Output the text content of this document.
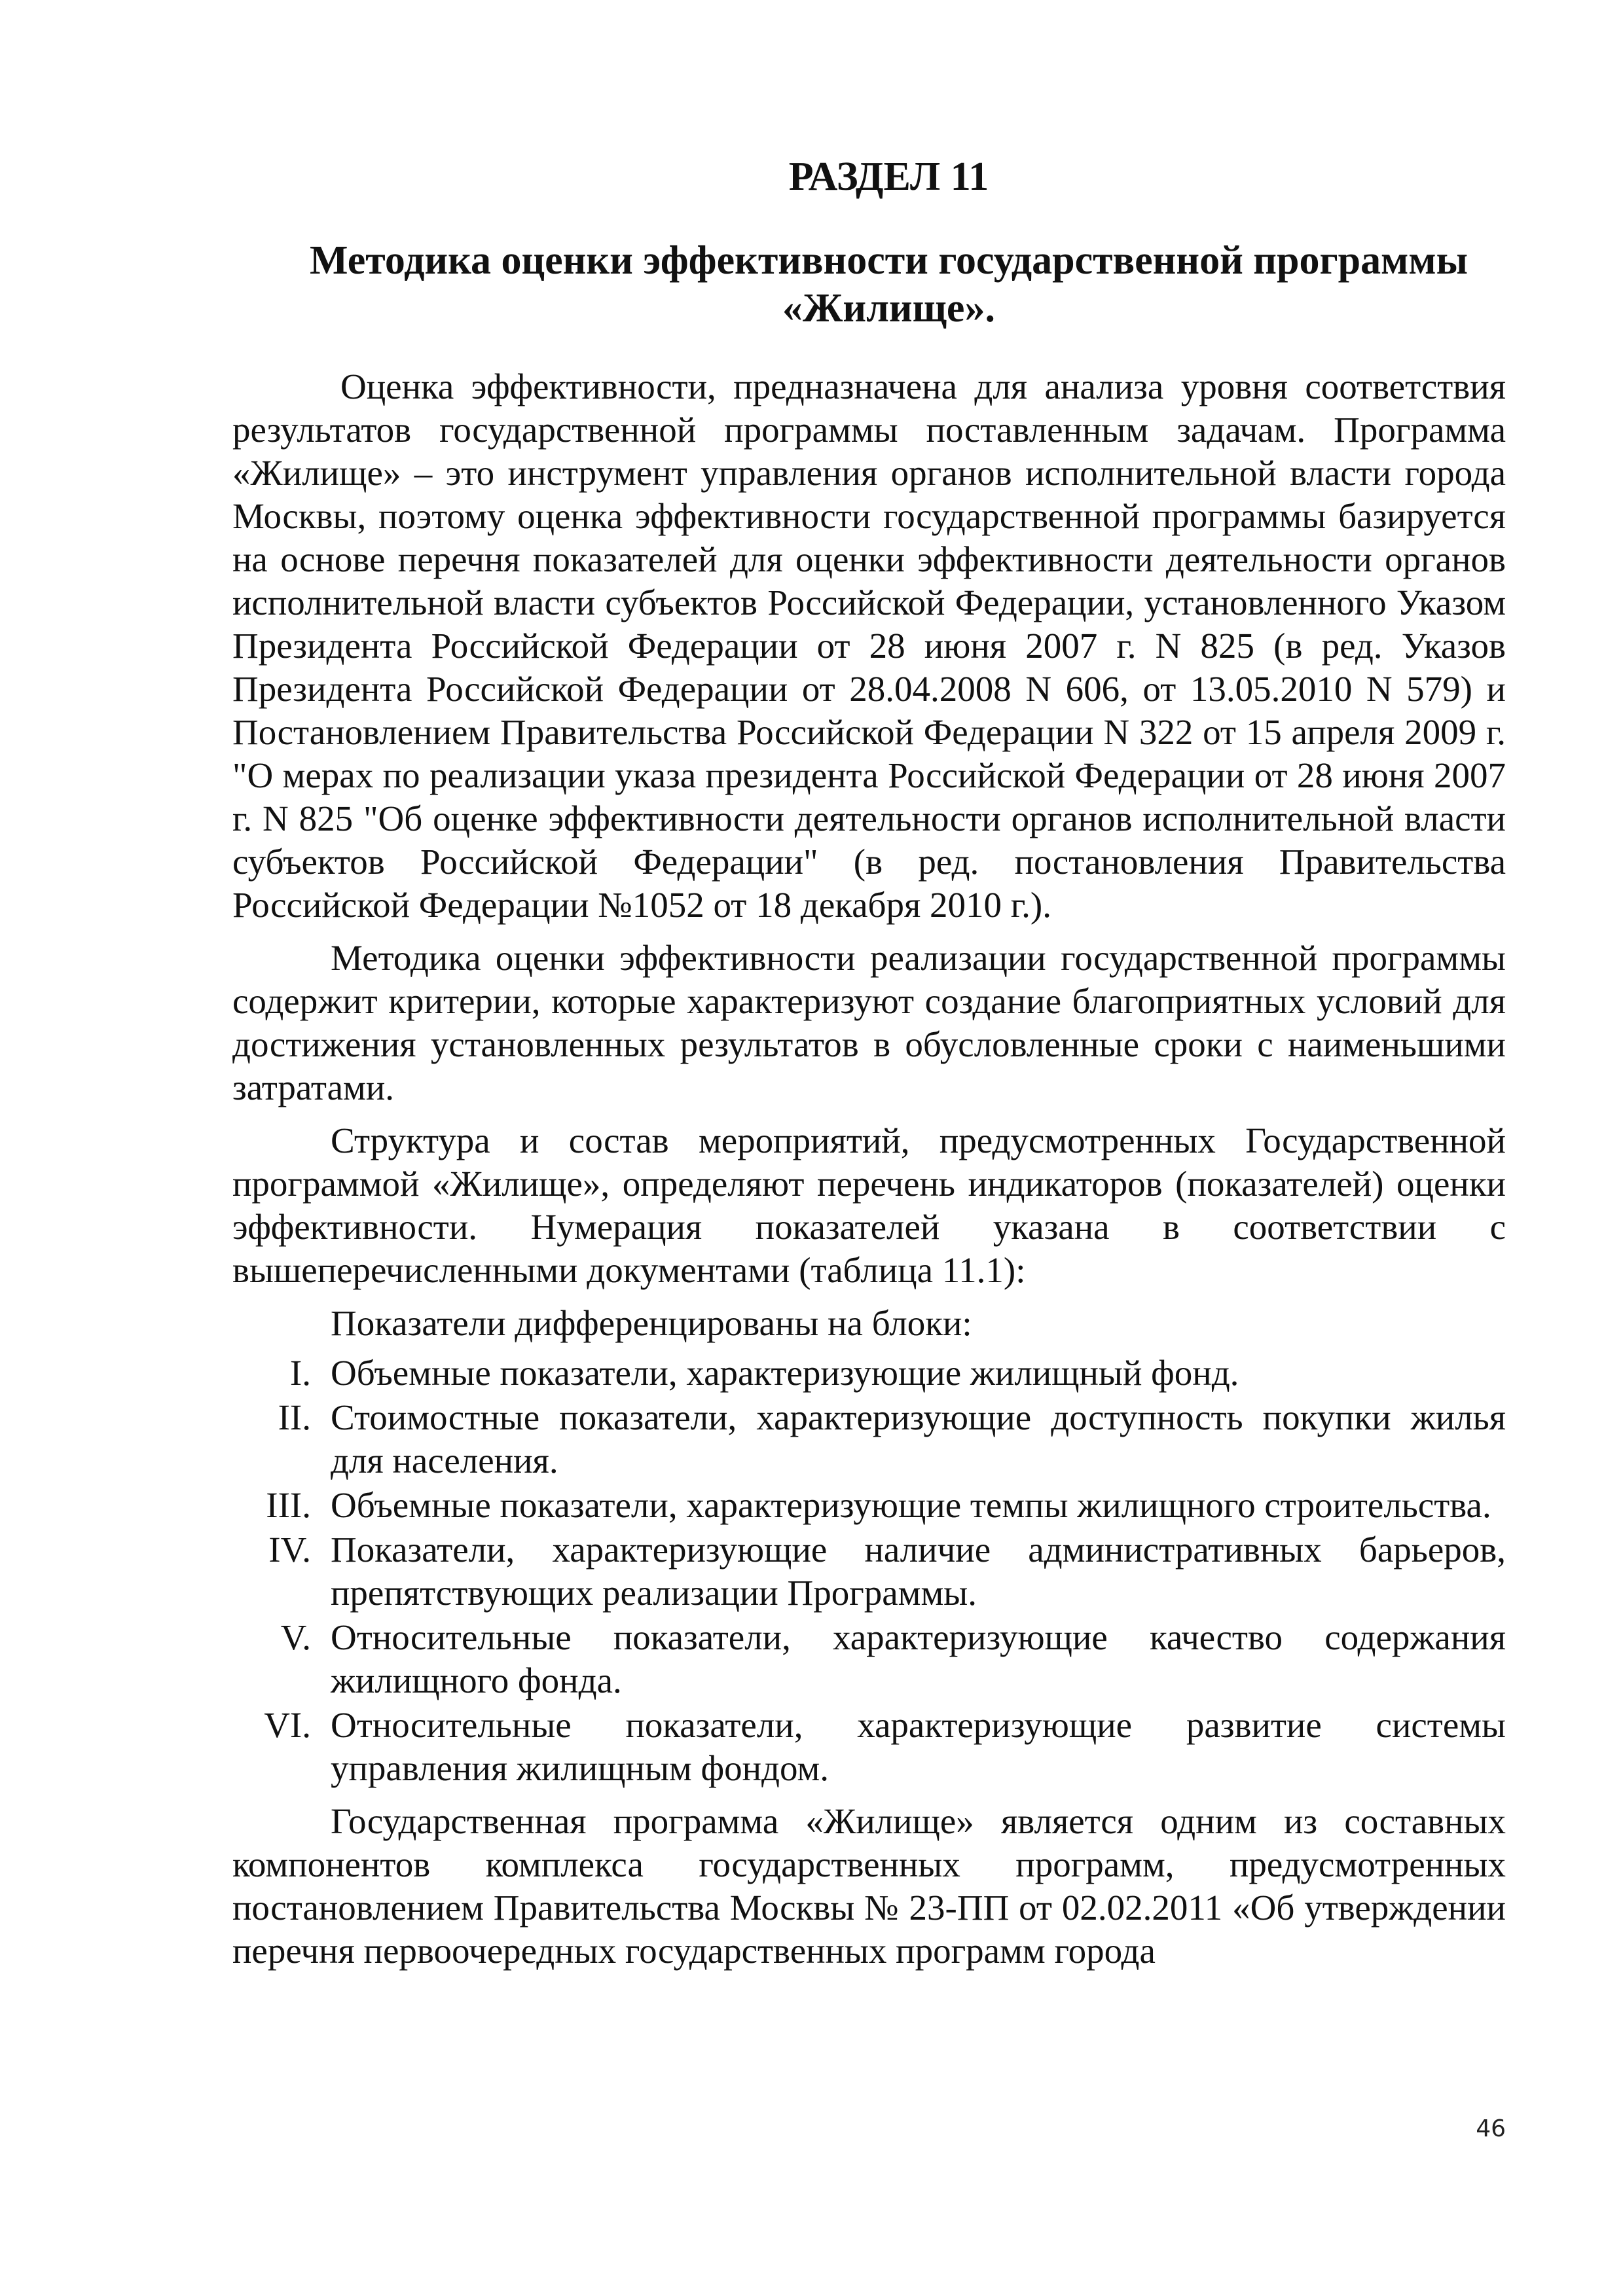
РАЗДЕЛ 11
Методика оценки эффективности государственной программы
«Жилище».

Оценка эффективности, предназначена для анализа уровня соответствия результатов государственной программы поставленным задачам. Программа «Жилище» – это инструмент управления органов исполнительной власти города Москвы, поэтому оценка эффективности государственной программы базируется на основе перечня показателей для оценки эффективности деятельности органов исполнительной власти субъектов Российской Федерации, установленного Указом Президента Российской Федерации от 28 июня 2007 г. N 825 (в ред. Указов Президента Российской Федерации от 28.04.2008 N 606, от 13.05.2010 N 579) и Постановлением Правительства Российской Федерации N 322 от 15 апреля 2009 г. "О мерах по реализации указа президента Российской Федерации от 28 июня 2007 г. N 825 "Об оценке эффективности деятельности органов исполнительной власти субъектов Российской Федерации" (в ред. постановления Правительства Российской Федерации №1052 от 18 декабря 2010 г.).

Методика оценки эффективности реализации государственной программы содержит критерии, которые характеризуют создание благоприятных условий для достижения установленных результатов в обусловленные сроки с наименьшими затратами.

Структура и состав мероприятий, предусмотренных Государственной программой «Жилище», определяют перечень индикаторов (показателей) оценки эффективности. Нумерация показателей указана в соответствии с вышеперечисленными документами (таблица 11.1):

Показатели дифференцированы на блоки:

I. Объемные показатели, характеризующие жилищный фонд.
II. Стоимостные показатели, характеризующие доступность покупки жилья для населения.
III. Объемные показатели, характеризующие темпы жилищного строительства.
IV. Показатели, характеризующие наличие административных барьеров, препятствующих реализации Программы.
V. Относительные показатели, характеризующие качество содержания жилищного фонда.
VI. Относительные показатели, характеризующие развитие системы управления жилищным фондом.

Государственная программа «Жилище» является одним из составных компонентов комплекса государственных программ, предусмотренных постановлением Правительства Москвы № 23-ПП от 02.02.2011 «Об утверждении перечня первоочередных государственных программ города

46
